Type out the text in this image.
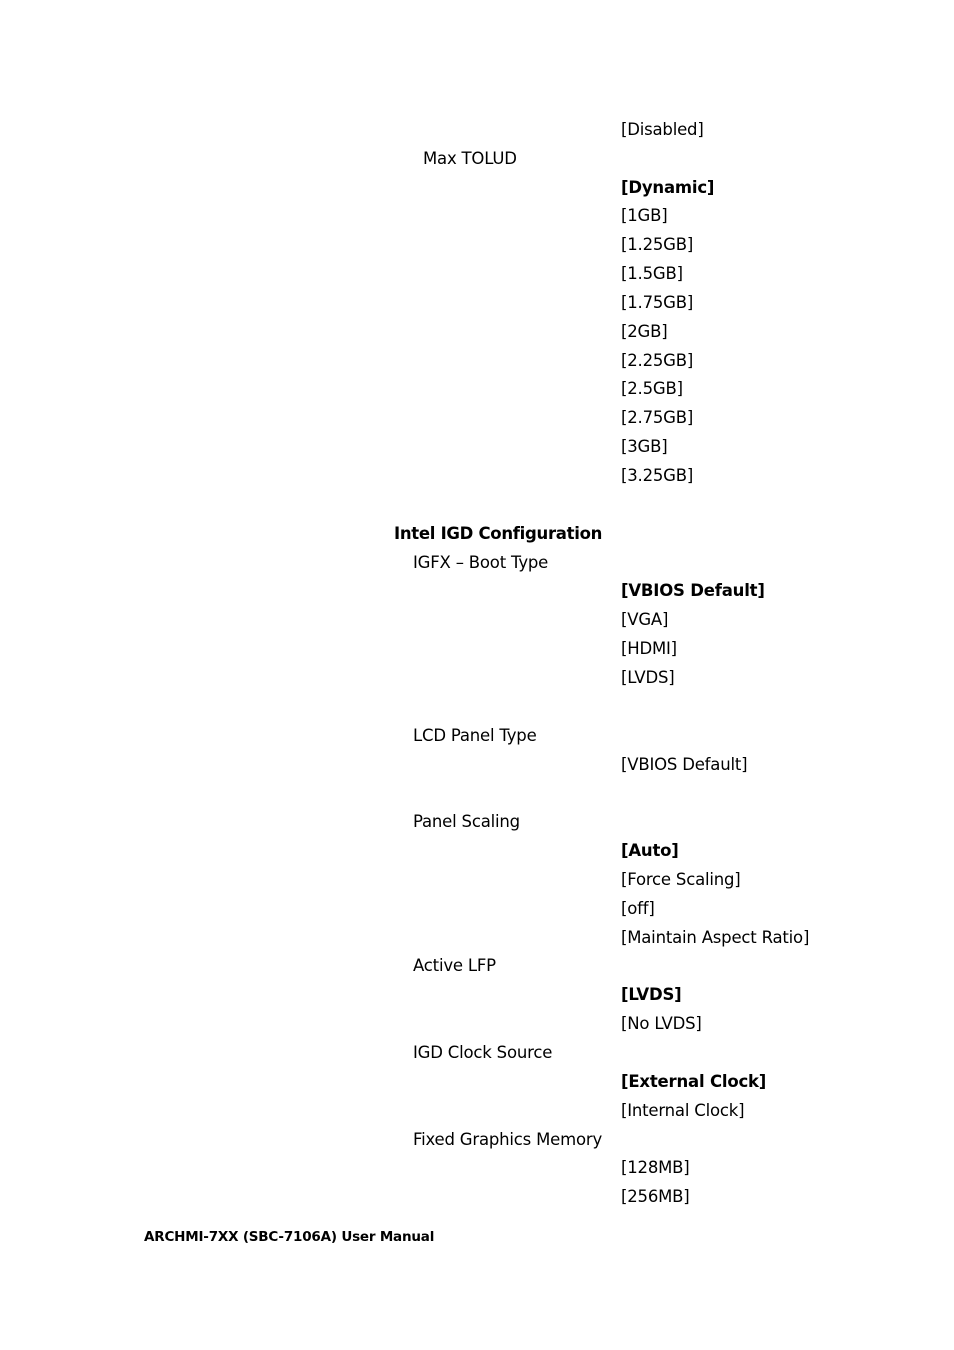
[Disabled]
Max TOLUD
[Dynamic]
[1GB]
[1.25GB]
[1.5GB]
[1.75GB]
[2GB]
[2.25GB]
[2.5GB]
[2.75GB]
[3GB]
[3.25GB]
Intel IGD Configuration
IGFX – Boot Type
[VBIOS Default]
[VGA]
[HDMI]
[LVDS]
LCD Panel Type
[VBIOS Default]
Panel Scaling
[Auto]
[Force Scaling]
[off]
[Maintain Aspect Ratio]
Active LFP
[LVDS]
[No LVDS]
IGD Clock Source
[External Clock]
[Internal Clock]
Fixed Graphics Memory
[128MB]
[256MB]
ARCHMI-7XX (SBC-7106A) User Manual
